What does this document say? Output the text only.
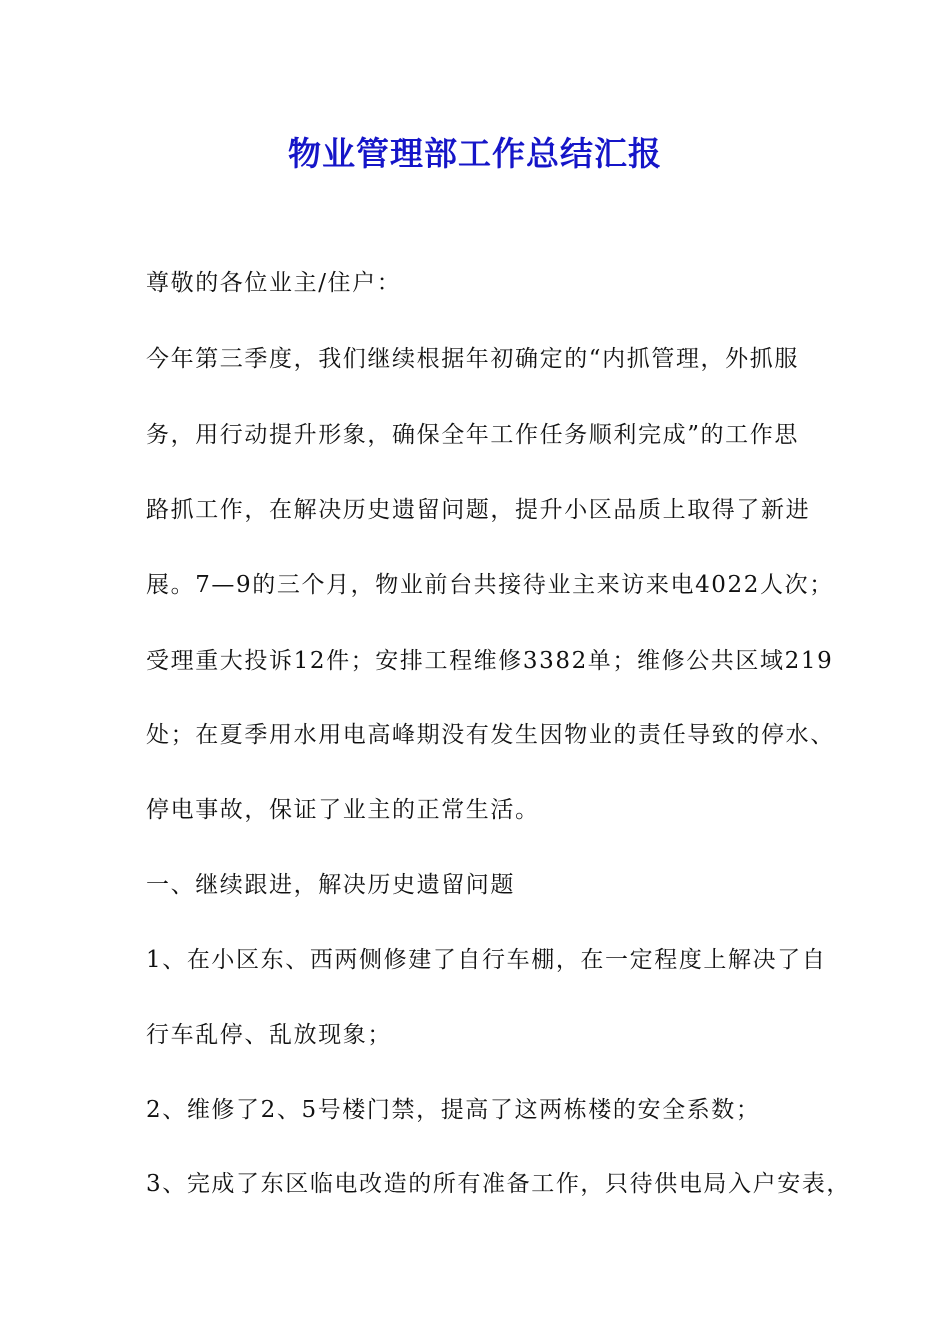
物业管理部工作总结汇报
尊敬的各位业主/住户：
今年第三季度，我们继续根据年初确定的“内抓管理，外抓服
务，用行动提升形象，确保全年工作任务顺利完成”的工作思
路抓工作，在解决历史遗留问题，提升小区品质上取得了新进
展。7—9的三个月，物业前台共接待业主来访来电4022人次；
受理重大投诉12件；安排工程维修3382单；维修公共区域219
处；在夏季用水用电高峰期没有发生因物业的责任导致的停水、
停电事故，保证了业主的正常生活。
一、继续跟进，解决历史遗留问题
1、在小区东、西两侧修建了自行车棚，在一定程度上解决了自
行车乱停、乱放现象；
2、维修了2、5号楼门禁，提高了这两栋楼的安全系数；
3、完成了东区临电改造的所有准备工作，只待供电局入户安表，
